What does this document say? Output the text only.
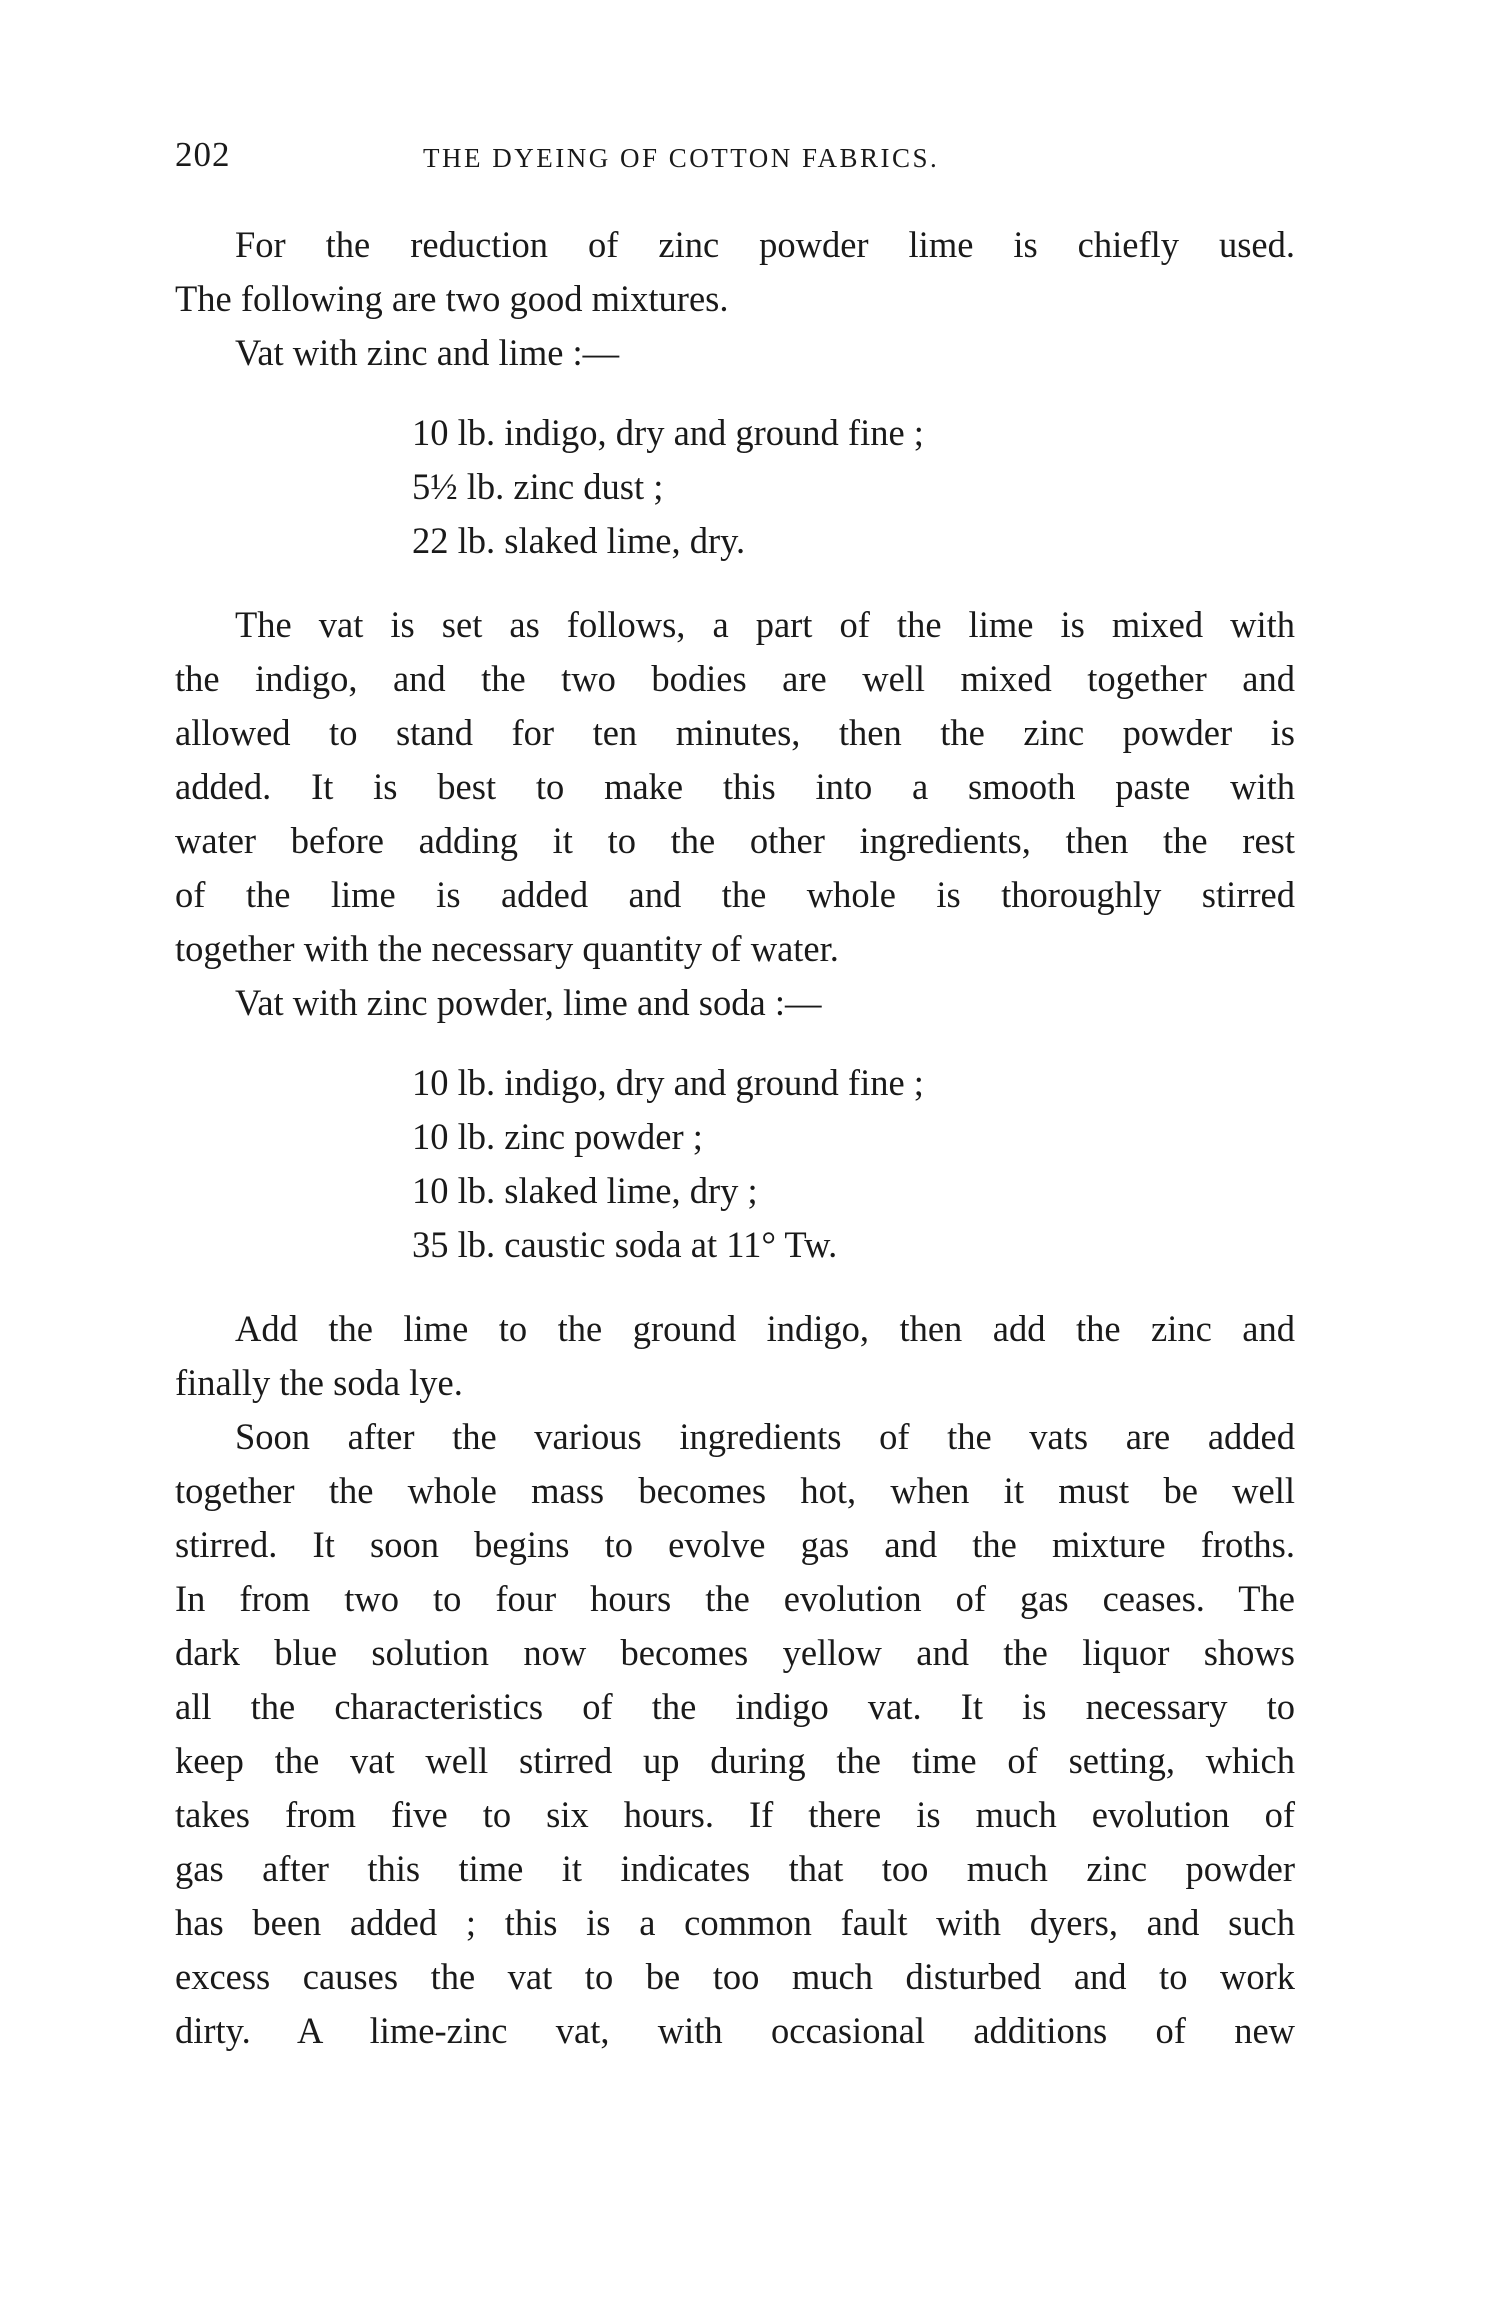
202	THE DYEING OF COTTON FABRICS.

For the reduction of zinc powder lime is chiefly used.

The following are two good mixtures.

Vat with zinc and lime :—

10 lb. indigo, dry and ground fine ;
5½ lb. zinc dust ;
22 lb. slaked lime, dry.

The vat is set as follows, a part of the lime is mixed with

the indigo, and the two bodies are well mixed together and

allowed to stand for ten minutes, then the zinc powder is

added. It is best to make this into a smooth paste with

water before adding it to the other ingredients, then the rest

of the lime is added and the whole is thoroughly stirred

together with the necessary quantity of water.

Vat with zinc powder, lime and soda :—

10 lb. indigo, dry and ground fine ;
10 lb. zinc powder ;
10 lb. slaked lime, dry ;
35 lb. caustic soda at 11° Tw.

Add the lime to the ground indigo, then add the zinc and

finally the soda lye.

Soon after the various ingredients of the vats are added

together the whole mass becomes hot, when it must be well

stirred. It soon begins to evolve gas and the mixture froths.

In from two to four hours the evolution of gas ceases. The

dark blue solution now becomes yellow and the liquor shows

all the characteristics of the indigo vat. It is necessary to

keep the vat well stirred up during the time of setting, which

takes from five to six hours. If there is much evolution of

gas after this time it indicates that too much zinc powder

has been added ; this is a common fault with dyers, and such

excess causes the vat to be too much disturbed and to work

dirty. A lime-zinc vat, with occasional additions of new
